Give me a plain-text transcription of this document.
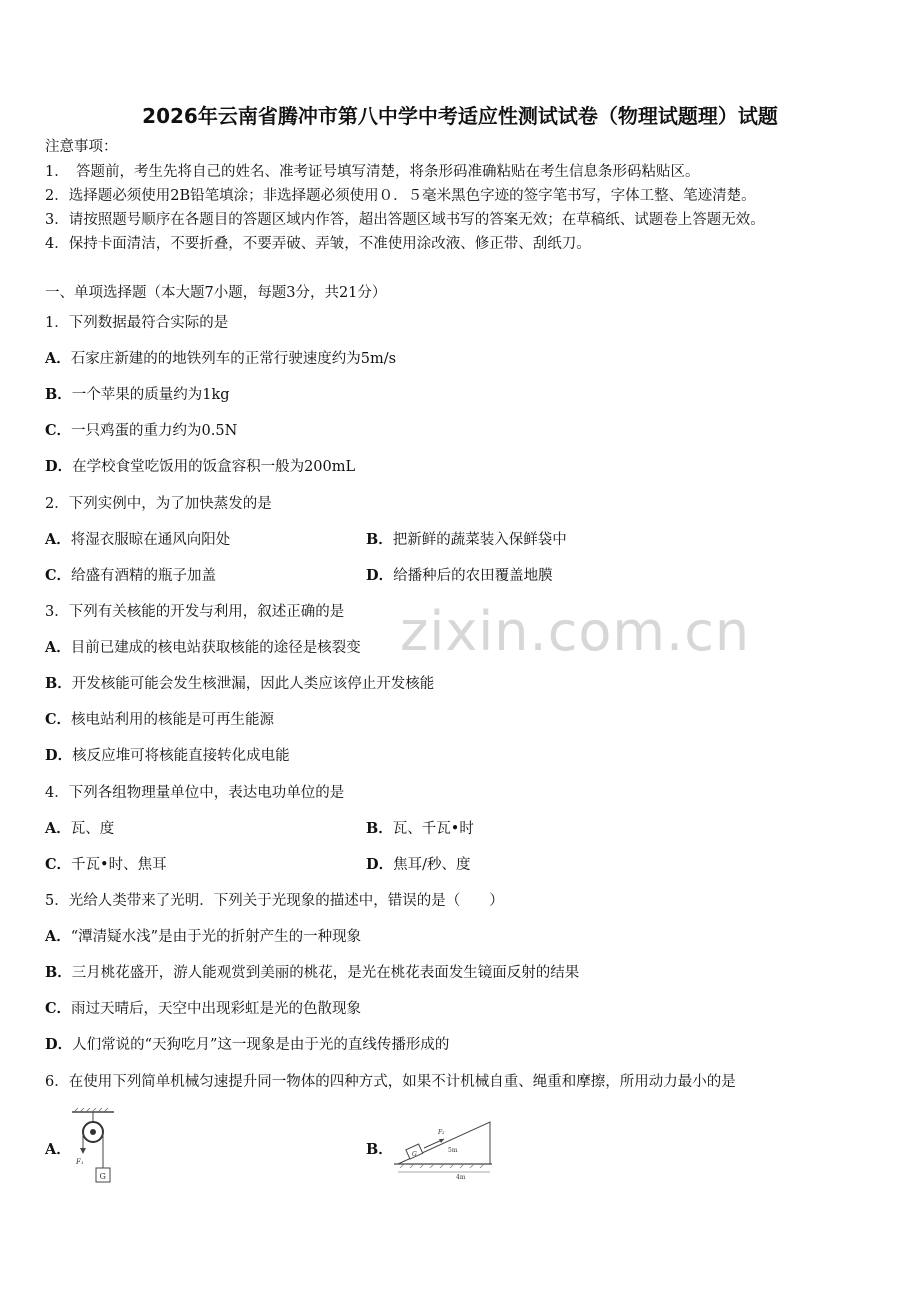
2026年云南省腾冲市第八中学中考适应性测试试卷（物理试题理）试题
注意事项：
1．　答题前，考生先将自己的姓名、准考证号填写清楚，将条形码准确粘贴在考生信息条形码粘贴区。
2．选择题必须使用2B铅笔填涂；非选择题必须使用０．５毫米黑色字迹的签字笔书写，字体工整、笔迹清楚。
3．请按照题号顺序在各题目的答题区域内作答，超出答题区域书写的答案无效；在草稿纸、试题卷上答题无效。
4．保持卡面清洁，不要折叠，不要弄破、弄皱，不准使用涂改液、修正带、刮纸刀。
一、单项选择题（本大题7小题，每题3分，共21分）
1．下列数据最符合实际的是
A．石家庄新建的的地铁列车的正常行驶速度约为5m/s
B．一个苹果的质量约为1kg
C．一只鸡蛋的重力约为0.5N
D．在学校食堂吃饭用的饭盒容积一般为200mL
2．下列实例中，为了加快蒸发的是
A．将湿衣服晾在通风向阳处	B．把新鲜的蔬菜装入保鲜袋中
C．给盛有酒精的瓶子加盖	D．给播种后的农田覆盖地膜
3．下列有关核能的开发与利用，叙述正确的是
A．目前已建成的核电站获取核能的途径是核裂变
B．开发核能可能会发生核泄漏，因此人类应该停止开发核能
C．核电站利用的核能是可再生能源
D．核反应堆可将核能直接转化成电能
4．下列各组物理量单位中，表达电功单位的是
A．瓦、度	B．瓦、千瓦•时
C．千瓦•时、焦耳	D．焦耳/秒、度
5．光给人类带来了光明．下列关于光现象的描述中，错误的是（　　）
A．“潭清疑水浅”是由于光的折射产生的一种现象
B．三月桃花盛开，游人能观赏到美丽的桃花，是光在桃花表面发生镜面反射的结果
C．雨过天晴后，天空中出现彩虹是光的色散现象
D．人们常说的“天狗吃月”这一现象是由于光的直线传播形成的
6．在使用下列简单机械匀速提升同一物体的四种方式，如果不计机械自重、绳重和摩擦，所用动力最小的是
A．	B．
F₁
G
G
F₂
5m
4m
zixin.com.cn
